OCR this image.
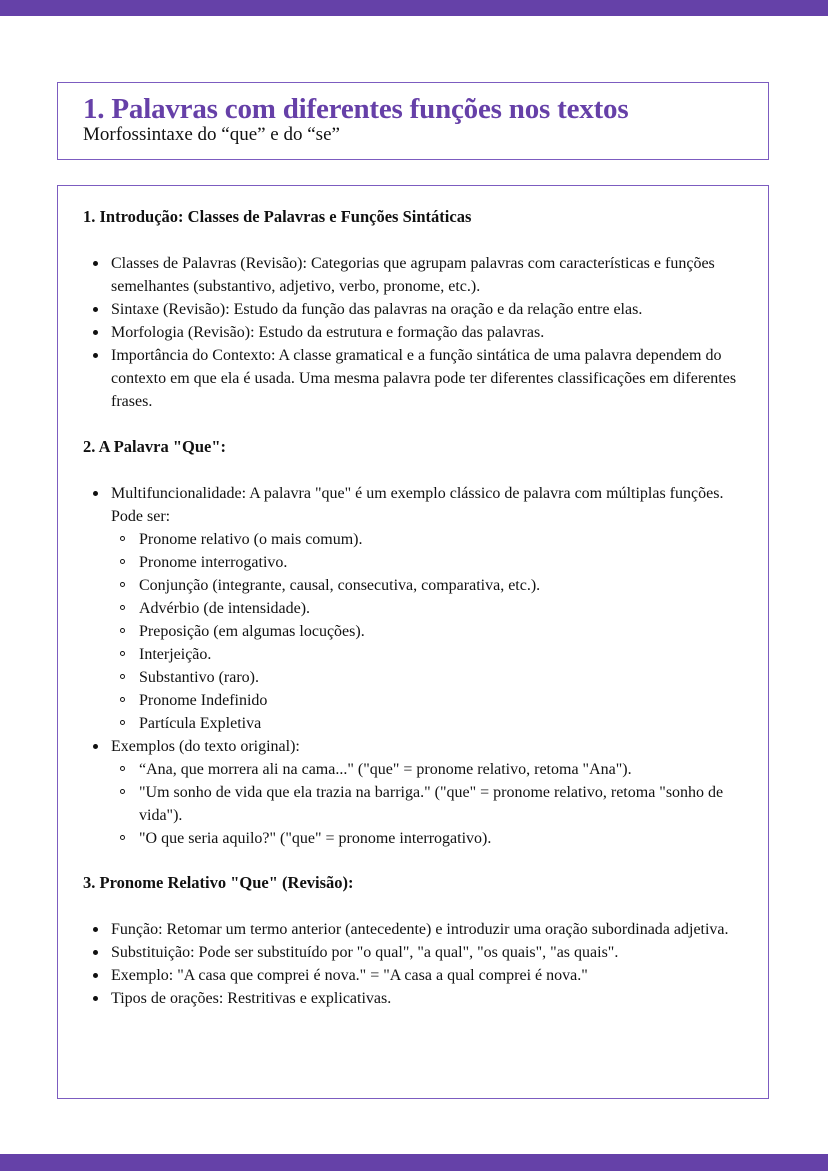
1. Palavras com diferentes funções nos textos

Morfossintaxe do “que” e do “se”

1. Introdução: Classes de Palavras e Funções Sintáticas
Classes de Palavras (Revisão): Categorias que agrupam palavras com características e funções semelhantes (substantivo, adjetivo, verbo, pronome, etc.).
Sintaxe (Revisão): Estudo da função das palavras na oração e da relação entre elas.
Morfologia (Revisão): Estudo da estrutura e formação das palavras.
Importância do Contexto: A classe gramatical e a função sintática de uma palavra dependem do contexto em que ela é usada. Uma mesma palavra pode ter diferentes classificações em diferentes frases.
2. A Palavra "Que":
Multifuncionalidade: A palavra "que" é um exemplo clássico de palavra com múltiplas funções. Pode ser:
Pronome relativo (o mais comum).
Pronome interrogativo.
Conjunção (integrante, causal, consecutiva, comparativa, etc.).
Advérbio (de intensidade).
Preposição (em algumas locuções).
Interjeição.
Substantivo (raro).
Pronome Indefinido
Partícula Expletiva
Exemplos (do texto original):
“Ana, que morrera ali na cama..." ("que" = pronome relativo, retoma "Ana").
"Um sonho de vida que ela trazia na barriga." ("que" = pronome relativo, retoma "sonho de vida").
"O que seria aquilo?" ("que" = pronome interrogativo).
3. Pronome Relativo "Que" (Revisão):
Função: Retomar um termo anterior (antecedente) e introduzir uma oração subordinada adjetiva.
Substituição: Pode ser substituído por "o qual", "a qual", "os quais", "as quais".
Exemplo: "A casa que comprei é nova." = "A casa a qual comprei é nova."
Tipos de orações: Restritivas e explicativas.
